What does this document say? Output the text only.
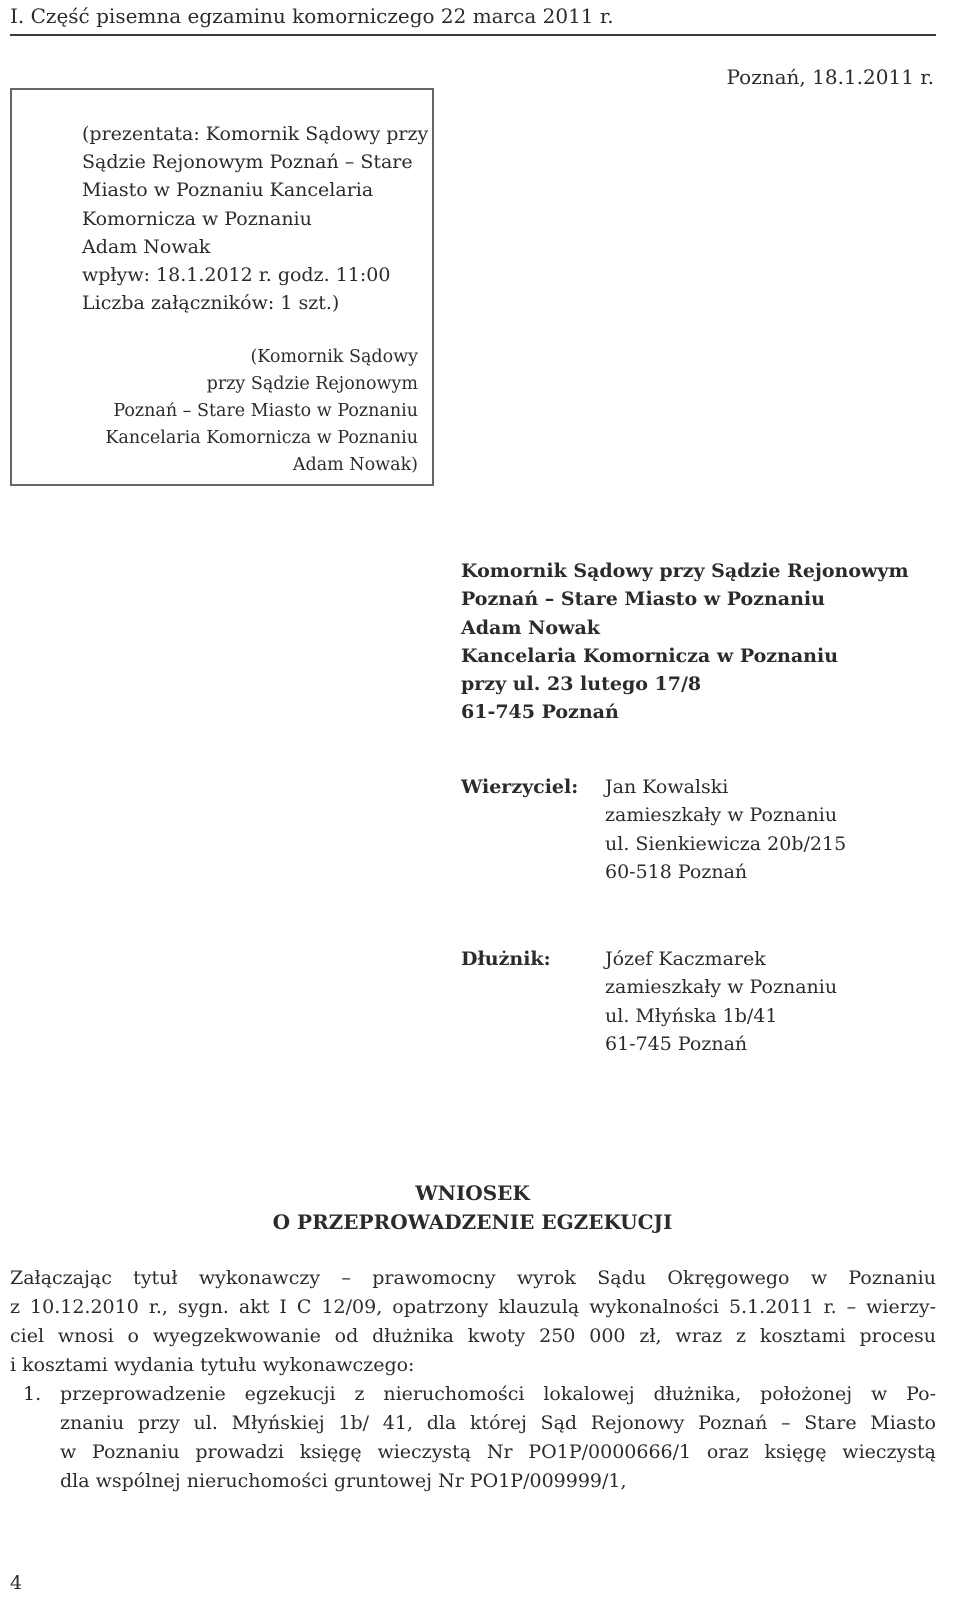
I. Część pisemna egzaminu komorniczego 22 marca 2011 r.
Poznań, 18.1.2011 r.
(prezentata: Komornik Sądowy przy
Sądzie Rejonowym Poznań – Stare
Miasto w Poznaniu Kancelaria
Komornicza w Poznaniu
Adam Nowak
wpływ: 18.1.2012 r. godz. 11:00
Liczba załączników: 1 szt.)
(Komornik Sądowy
przy Sądzie Rejonowym
Poznań – Stare Miasto w Poznaniu
Kancelaria Komornicza w Poznaniu
Adam Nowak)
Komornik Sądowy przy Sądzie Rejonowym
Poznań – Stare Miasto w Poznaniu
Adam Nowak
Kancelaria Komornicza w Poznaniu
przy ul. 23 lutego 17/8
61-745 Poznań
Wierzyciel: Jan Kowalski
zamieszkały w Poznaniu
ul. Sienkiewicza 20b/215
60-518 Poznań
Dłużnik:	Józef Kaczmarek
zamieszkały w Poznaniu
ul. Młyńska 1b/41
61-745 Poznań
WNIOSEK
O PRZEPROWADZENIE EGZEKUCJI
Załączając tytuł wykonawczy – prawomocny wyrok Sądu Okręgowego w Poznaniu
z 10.12.2010 r., sygn. akt I C 12/09, opatrzony klauzulą wykonalności 5.1.2011 r. – wierzy-
ciel wnosi o wyegzekwowanie od dłużnika kwoty 250 000 zł, wraz z kosztami procesu
i kosztami wydania tytułu wykonawczego:
1. przeprowadzenie egzekucji z nieruchomości lokalowej dłużnika, położonej w Po-
znaniu przy ul. Młyńskiej 1b/ 41, dla której Sąd Rejonowy Poznań – Stare Miasto
w Poznaniu prowadzi księgę wieczystą Nr PO1P/0000666/1 oraz księgę wieczystą
dla wspólnej nieruchomości gruntowej Nr PO1P/009999/1,
4
